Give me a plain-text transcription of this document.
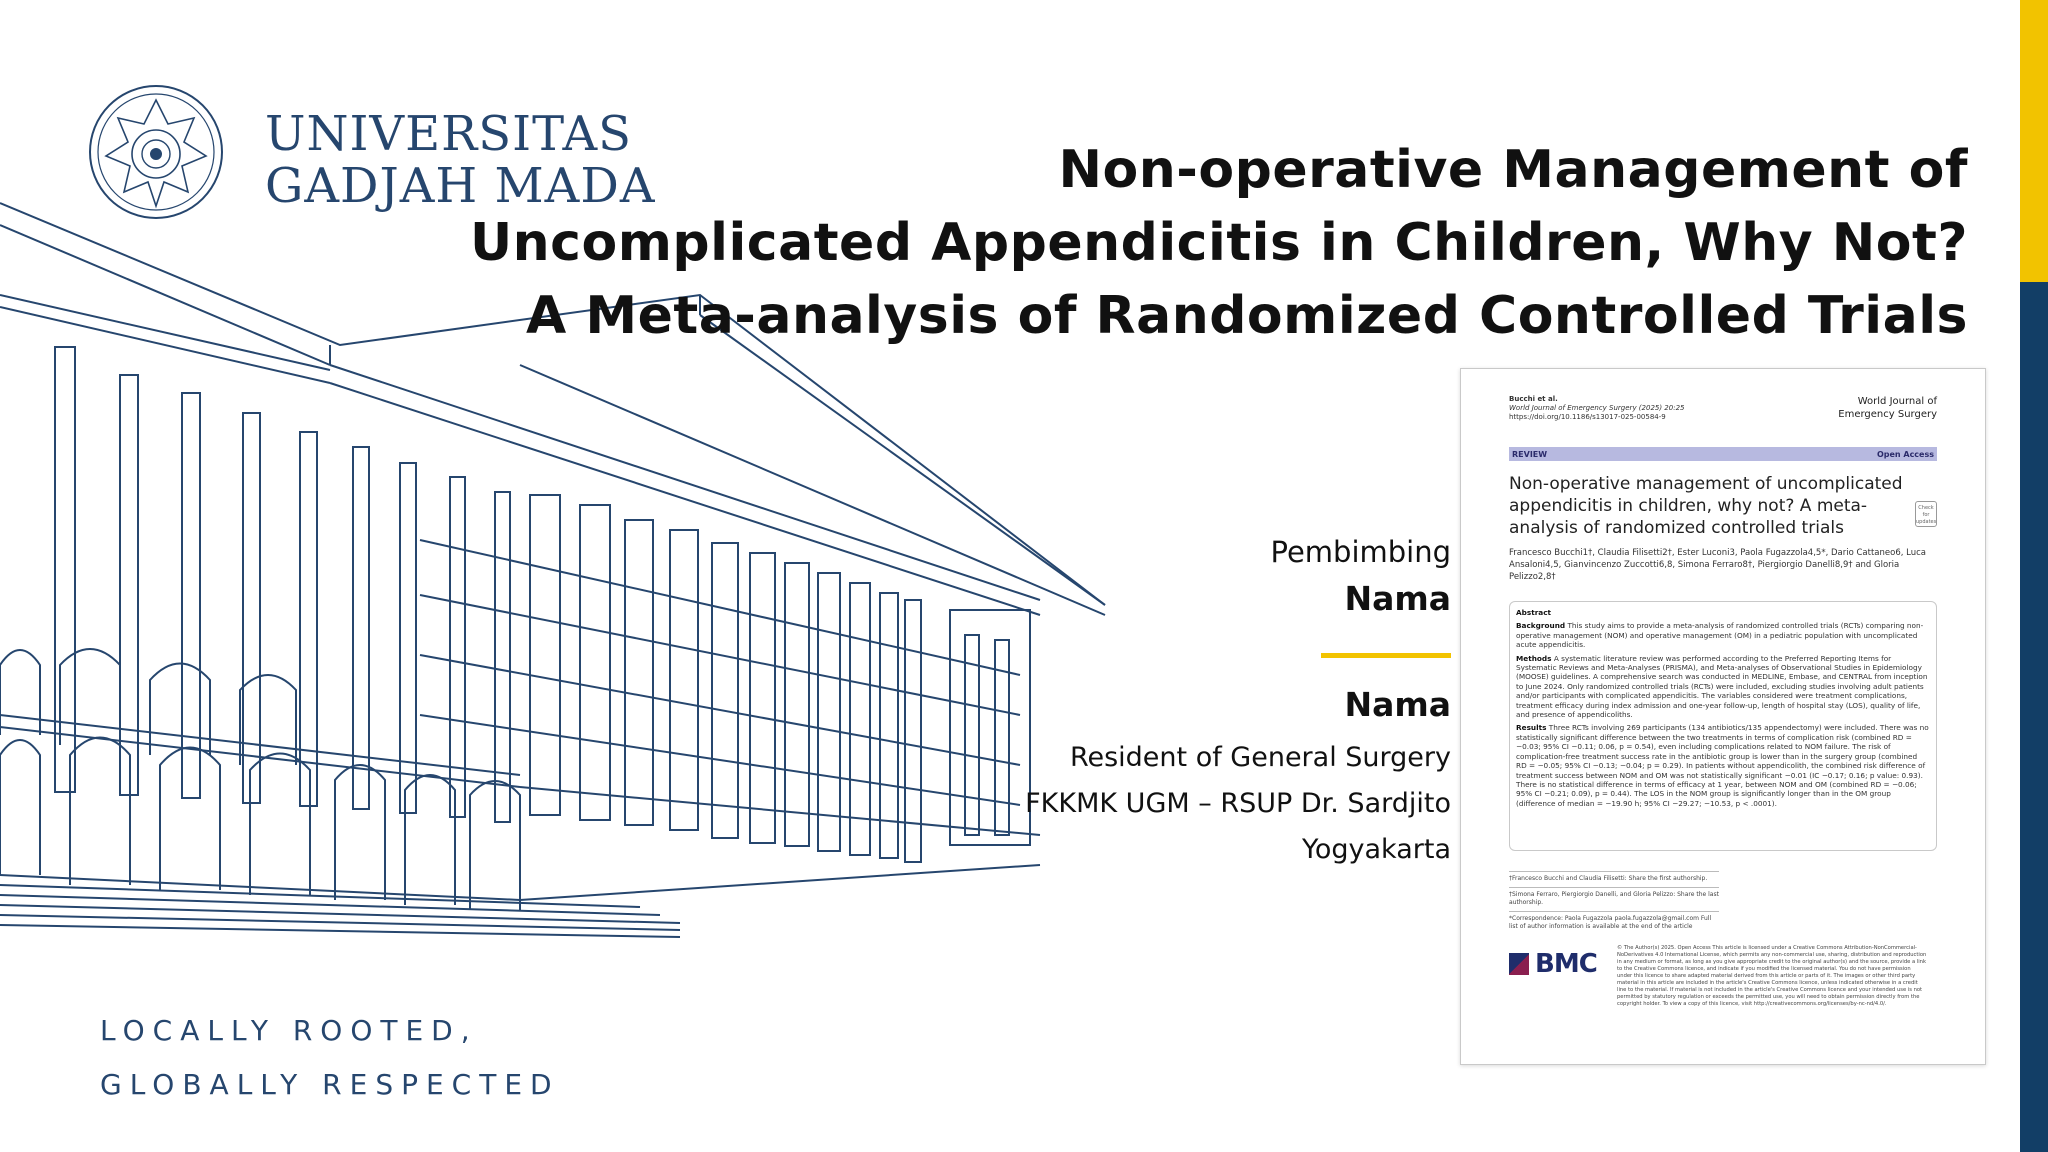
UNIVERSITAS
GADJAH MADA	Non-operative Management of
Uncomplicated Appendicitis in Children, Why Not?
A Meta-analysis of Randomized Controlled Trials
Pembimbing
Nama
Nama
Resident of General Surgery
FKKMK UGM – RSUP Dr. Sardjito
Yogyakarta
LOCALLY ROOTED,
GLOBALLY RESPECTED
Bucchi et al.
World Journal of Emergency Surgery (2025) 20:25
https://doi.org/10.1186/s13017-025-00584-9
World Journal of
Emergency Surgery
REVIEW	Open Access
Non-operative management of uncomplicated appendicitis in children, why not? A meta-analysis of randomized controlled trials
Check for updates
Francesco Bucchi1†, Claudia Filisetti2†, Ester Luconi3, Paola Fugazzola4,5*, Dario Cattaneo6, Luca Ansaloni4,5, Gianvincenzo Zuccotti6,8, Simona Ferraro8†, Piergiorgio Danelli8,9† and Gloria Pelizzo2,8†

Abstract

Background This study aims to provide a meta-analysis of randomized controlled trials (RCTs) comparing non-operative management (NOM) and operative management (OM) in a pediatric population with uncomplicated acute appendicitis.

Methods A systematic literature review was performed according to the Preferred Reporting Items for Systematic Reviews and Meta-Analyses (PRISMA), and Meta-analyses of Observational Studies in Epidemiology (MOOSE) guidelines. A comprehensive search was conducted in MEDLINE, Embase, and CENTRAL from inception to June 2024. Only randomized controlled trials (RCTs) were included, excluding studies involving adult patients and/or participants with complicated appendicitis. The variables considered were treatment complications, treatment efficacy during index admission and one-year follow-up, length of hospital stay (LOS), quality of life, and presence of appendicoliths.

Results Three RCTs involving 269 participants (134 antibiotics/135 appendectomy) were included. There was no statistically significant difference between the two treatments in terms of complication risk (combined RD = −0.03; 95% CI −0.11; 0.06, p = 0.54), even including complications related to NOM failure. The risk of complication-free treatment success rate in the antibiotic group is lower than in the surgery group (combined RD = −0.05; 95% CI −0.13; −0.04; p = 0.29). In patients without appendicolith, the combined risk difference of treatment success between NOM and OM was not statistically significant −0.01 (IC −0.17; 0.16; p value: 0.93). There is no statistical difference in terms of efficacy at 1 year, between NOM and OM (combined RD = −0.06; 95% CI −0.21; 0.09), p = 0.44). The LOS in the NOM group is significantly longer than in the OM group (difference of median = −19.90 h; 95% CI −29.27; −10.53, p < .0001).

†Francesco Bucchi and Claudia Filisetti: Share the first authorship.

†Simona Ferraro, Piergiorgio Danelli, and Gloria Pelizzo: Share the last authorship.

*Correspondence: Paola Fugazzola paola.fugazzola@gmail.com Full list of author information is available at the end of the article

BMC
© The Author(s) 2025. Open Access This article is licensed under a Creative Commons Attribution-NonCommercial-NoDerivatives 4.0 International License, which permits any non-commercial use, sharing, distribution and reproduction in any medium or format, as long as you give appropriate credit to the original author(s) and the source, provide a link to the Creative Commons licence, and indicate if you modified the licensed material. You do not have permission under this licence to share adapted material derived from this article or parts of it. The images or other third party material in this article are included in the article's Creative Commons licence, unless indicated otherwise in a credit line to the material. If material is not included in the article's Creative Commons licence and your intended use is not permitted by statutory regulation or exceeds the permitted use, you will need to obtain permission directly from the copyright holder. To view a copy of this licence, visit http://creativecommons.org/licenses/by-nc-nd/4.0/.
